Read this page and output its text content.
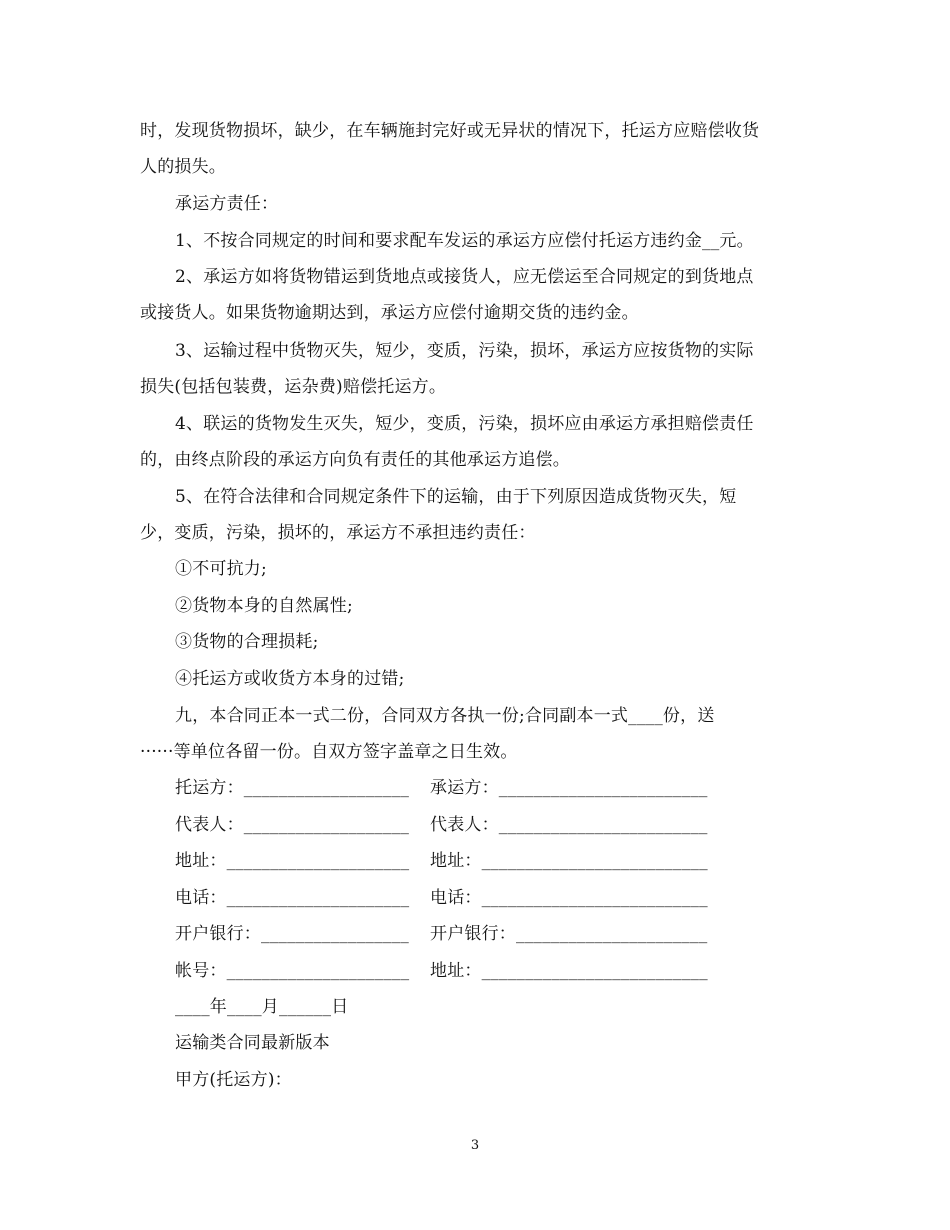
时，发现货物损坏，缺少，在车辆施封完好或无异状的情况下，托运方应赔偿收货
人的损失。
承运方责任：
1、不按合同规定的时间和要求配车发运的承运方应偿付托运方违约金__元。
2、承运方如将货物错运到货地点或接货人，应无偿运至合同规定的到货地点
或接货人。如果货物逾期达到，承运方应偿付逾期交货的违约金。
3、运输过程中货物灭失，短少，变质，污染，损坏，承运方应按货物的实际
损失(包括包装费，运杂费)赔偿托运方。
4、联运的货物发生灭失，短少，变质，污染，损坏应由承运方承担赔偿责任
的，由终点阶段的承运方向负有责任的其他承运方追偿。
5、在符合法律和合同规定条件下的运输，由于下列原因造成货物灭失，短
少，变质，污染，损坏的，承运方不承担违约责任：
①不可抗力;
②货物本身的自然属性;
③货物的合理损耗;
④托运方或收货方本身的过错;
九，本合同正本一式二份，合同双方各执一份;合同副本一式____份，送
······等单位各留一份。自双方签字盖章之日生效。
托运方：___________________ 承运方：________________________
代表人：___________________ 代表人：________________________
地址：_____________________ 地址：__________________________
电话：_____________________ 电话：__________________________
开户银行：_________________ 开户银行：______________________
帐号：_____________________ 地址：__________________________
____年____月______日
运输类合同最新版本
甲方(托运方)：
3
